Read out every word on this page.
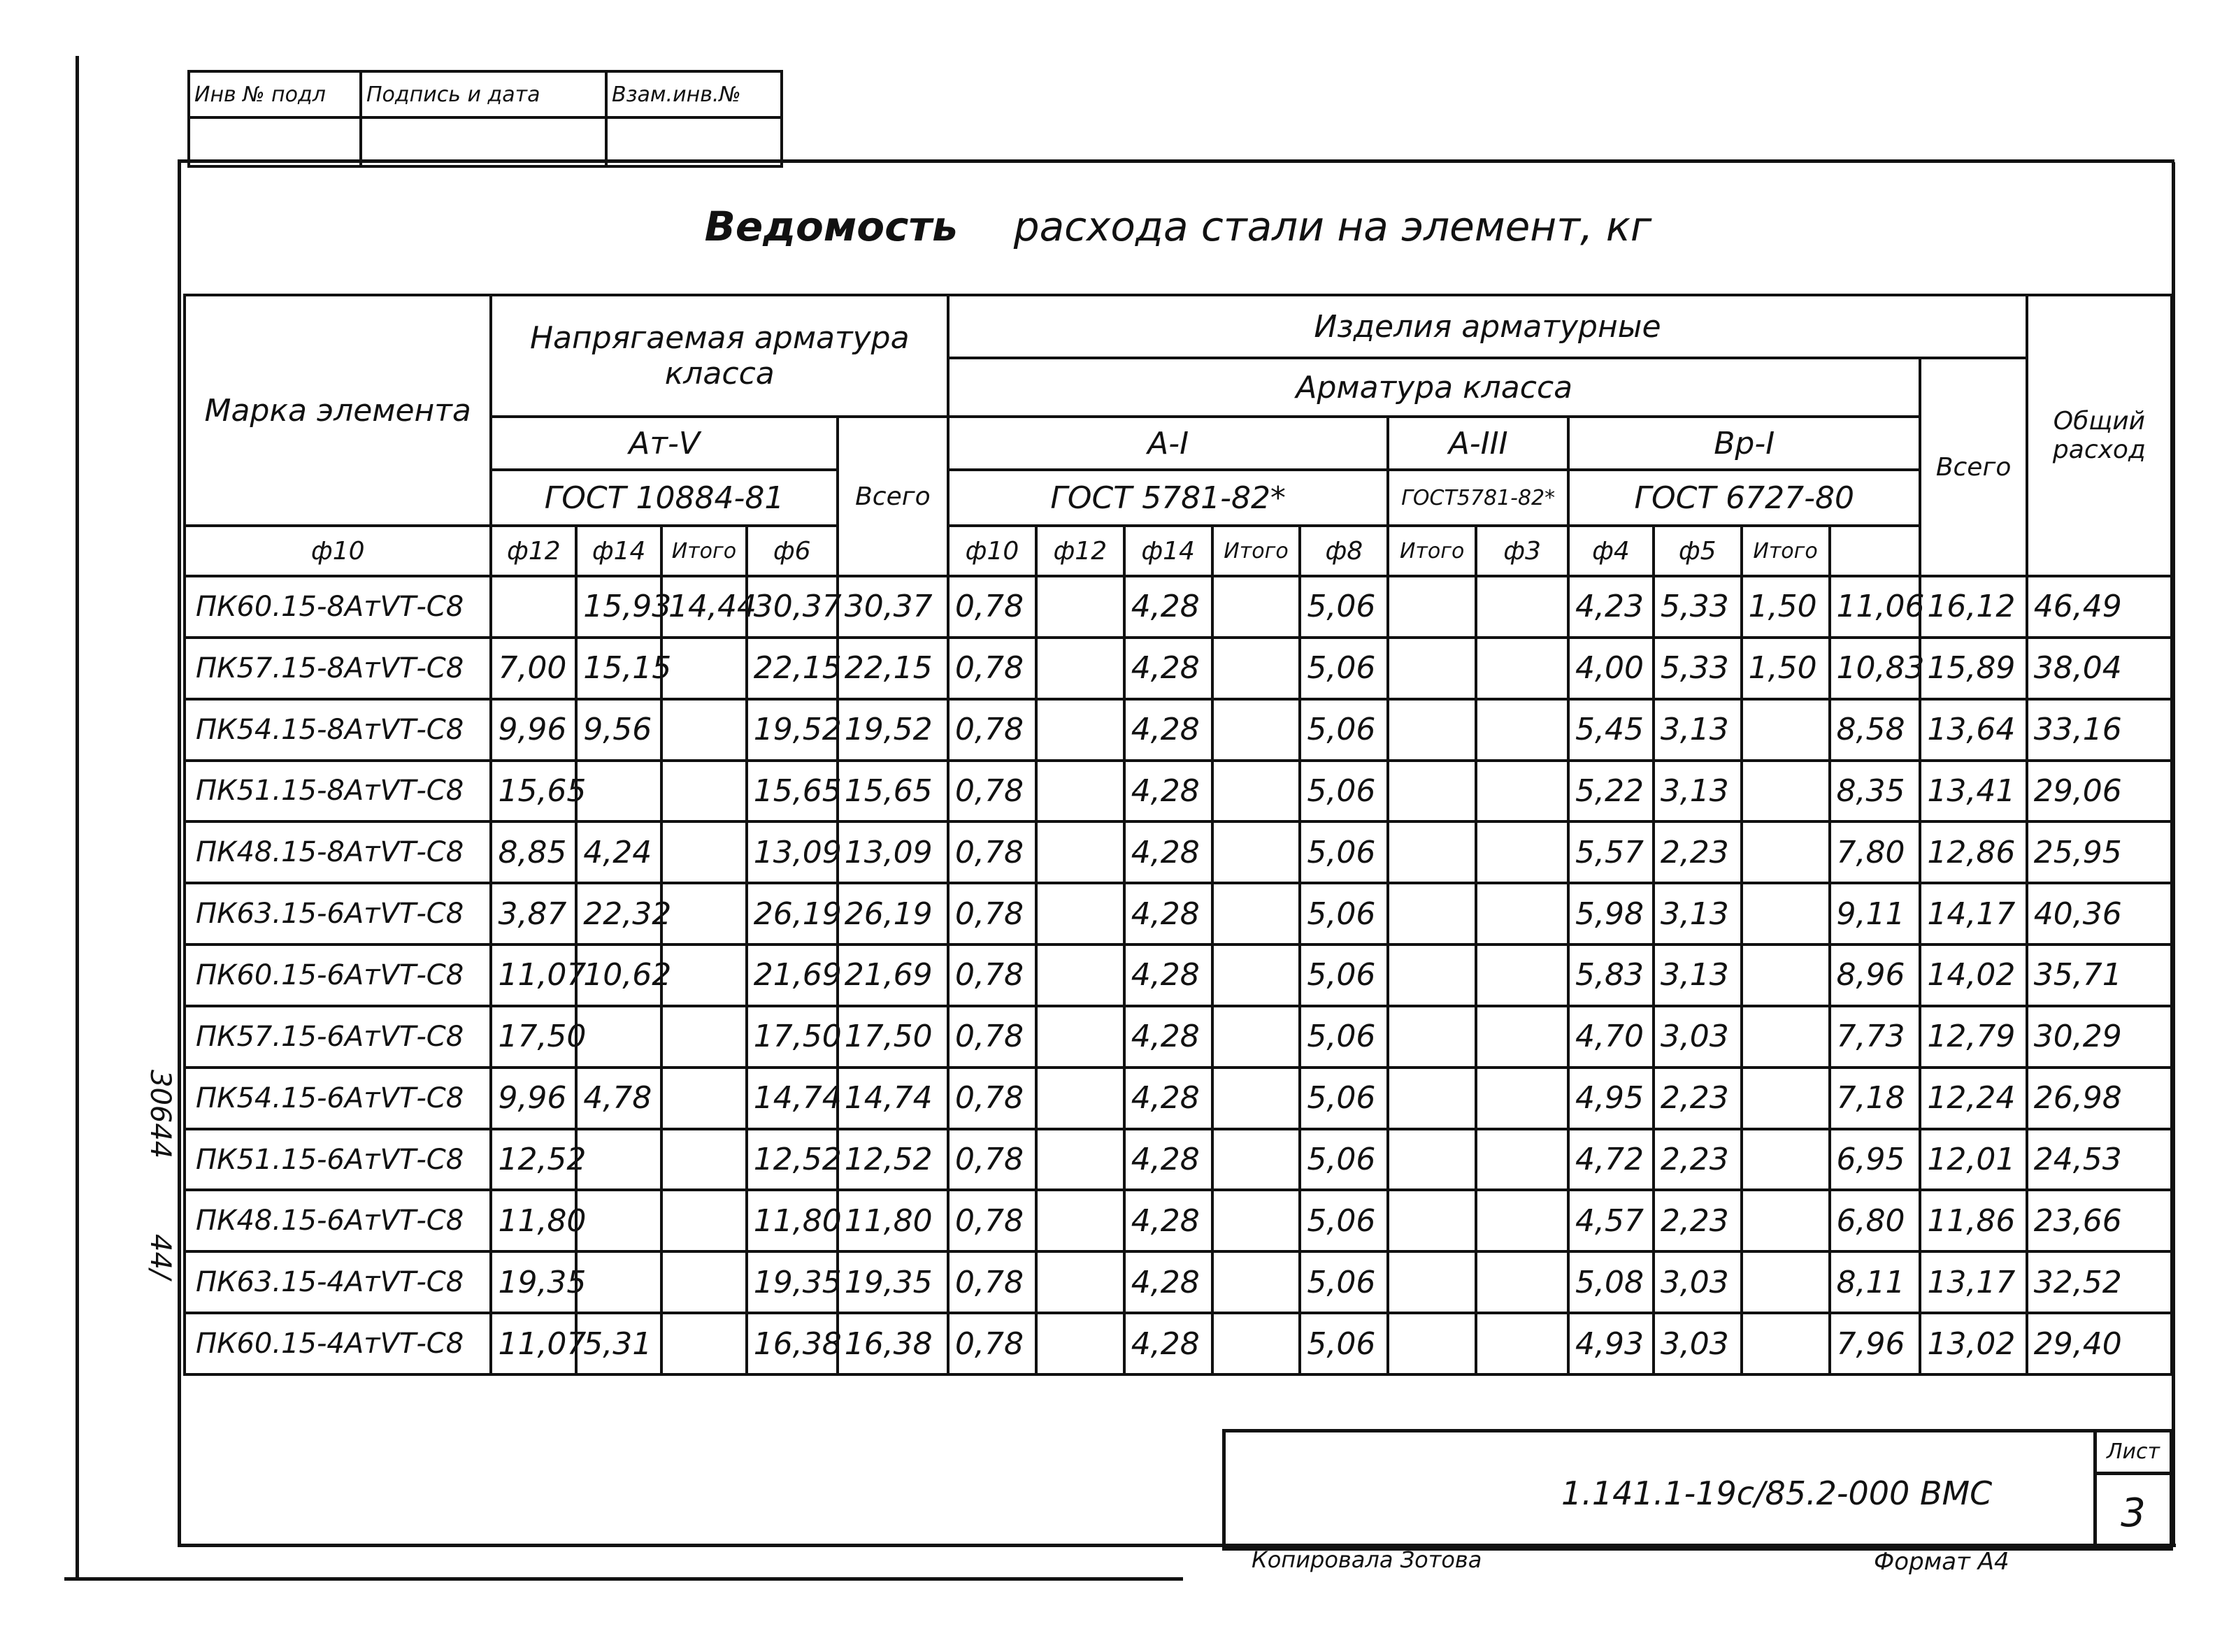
Инв № подл	Подпись и дата	Взам.инв.№

Ведомость расхода стали на элемент, кг
Марка элемента	Напрягаемая арматура класса					Изделия арматурные												Общий расход
						Арматура класса											Всего	
	Ат-V				Всего	А-I					А-III		Вр-I					
	ГОСТ 10884-81					ГОСТ 5781-82*					ГОСТ5781-82*		ГОСТ 6727-80					
ф10	ф12	ф14	Итого	ф6		ф10	ф12	ф14	Итого	ф8	Итого	ф3	ф4	ф5	Итого			
ПК60.15-8АтVТ-С8		15,93	14,44	30,37	30,37	0,78		4,28		5,06			4,23	5,33	1,50	11,06	16,12	46,49
ПК57.15-8АтVТ-С8	7,00	15,15		22,15	22,15	0,78		4,28		5,06			4,00	5,33	1,50	10,83	15,89	38,04
ПК54.15-8АтVТ-С8	9,96	9,56		19,52	19,52	0,78		4,28		5,06			5,45	3,13		8,58	13,64	33,16
ПК51.15-8АтVТ-С8	15,65			15,65	15,65	0,78		4,28		5,06			5,22	3,13		8,35	13,41	29,06
ПК48.15-8АтVТ-С8	8,85	4,24		13,09	13,09	0,78		4,28		5,06			5,57	2,23		7,80	12,86	25,95
ПК63.15-6АтVТ-С8	3,87	22,32		26,19	26,19	0,78		4,28		5,06			5,98	3,13		9,11	14,17	40,36
ПК60.15-6АтVТ-С8	11,07	10,62		21,69	21,69	0,78		4,28		5,06			5,83	3,13		8,96	14,02	35,71
ПК57.15-6АтVТ-С8	17,50			17,50	17,50	0,78		4,28		5,06			4,70	3,03		7,73	12,79	30,29
ПК54.15-6АтVТ-С8	9,96	4,78		14,74	14,74	0,78		4,28		5,06			4,95	2,23		7,18	12,24	26,98
ПК51.15-6АтVТ-С8	12,52			12,52	12,52	0,78		4,28		5,06			4,72	2,23		6,95	12,01	24,53
ПК48.15-6АтVТ-С8	11,80			11,80	11,80	0,78		4,28		5,06			4,57	2,23		6,80	11,86	23,66
ПК63.15-4АтVТ-С8	19,35			19,35	19,35	0,78		4,28		5,06			5,08	3,03		8,11	13,17	32,52
ПК60.15-4АтVТ-С8	11,07	5,31		16,38	16,38	0,78		4,28		5,06			4,93	3,03		7,96	13,02	29,40
1.141.1-19с/85.2-000 ВМС
Лист
3
Копировала Зотова	Формат А4
30644
44/
